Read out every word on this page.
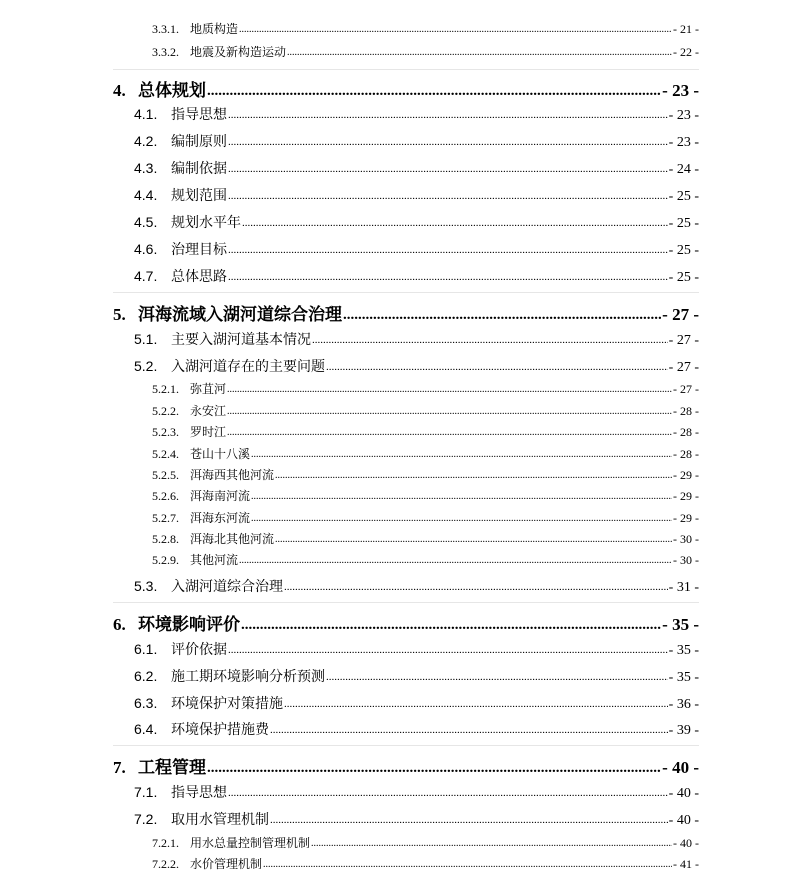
3.3.1. 地质构造 .....	- 21 -
3.3.2. 地震及新构造运动 .....	- 22 -
4. 总体规划 .....	- 23 -
4.1. 指导思想 .....	- 23 -
4.2. 编制原则 .....	- 23 -
4.3. 编制依据 .....	- 24 -
4.4. 规划范围 .....	- 25 -
4.5. 规划水平年 .....	- 25 -
4.6. 治理目标 .....	- 25 -
4.7. 总体思路 .....	- 25 -
5. 洱海流域入湖河道综合治理 .....	- 27 -
5.1. 主要入湖河道基本情况 .....	- 27 -
5.2. 入湖河道存在的主要问题 .....	- 27 -
5.2.1. 弥苴河 .....	- 27 -
5.2.2. 永安江 .....	- 28 -
5.2.3. 罗时江 .....	- 28 -
5.2.4. 苍山十八溪 .....	- 28 -
5.2.5. 洱海西其他河流 .....	- 29 -
5.2.6. 洱海南河流 .....	- 29 -
5.2.7. 洱海东河流 .....	- 29 -
5.2.8. 洱海北其他河流 .....	- 30 -
5.2.9. 其他河流 .....	- 30 -
5.3. 入湖河道综合治理 .....	- 31 -
6. 环境影响评价 .....	- 35 -
6.1. 评价依据 .....	- 35 -
6.2. 施工期环境影响分析预测 .....	- 35 -
6.3. 环境保护对策措施 .....	- 36 -
6.4. 环境保护措施费 .....	- 39 -
7. 工程管理 .....	- 40 -
7.1. 指导思想 .....	- 40 -
7.2. 取用水管理机制 .....	- 40 -
7.2.1. 用水总量控制管理机制 .....	- 40 -
7.2.2. 水价管理机制 .....	- 41 -
